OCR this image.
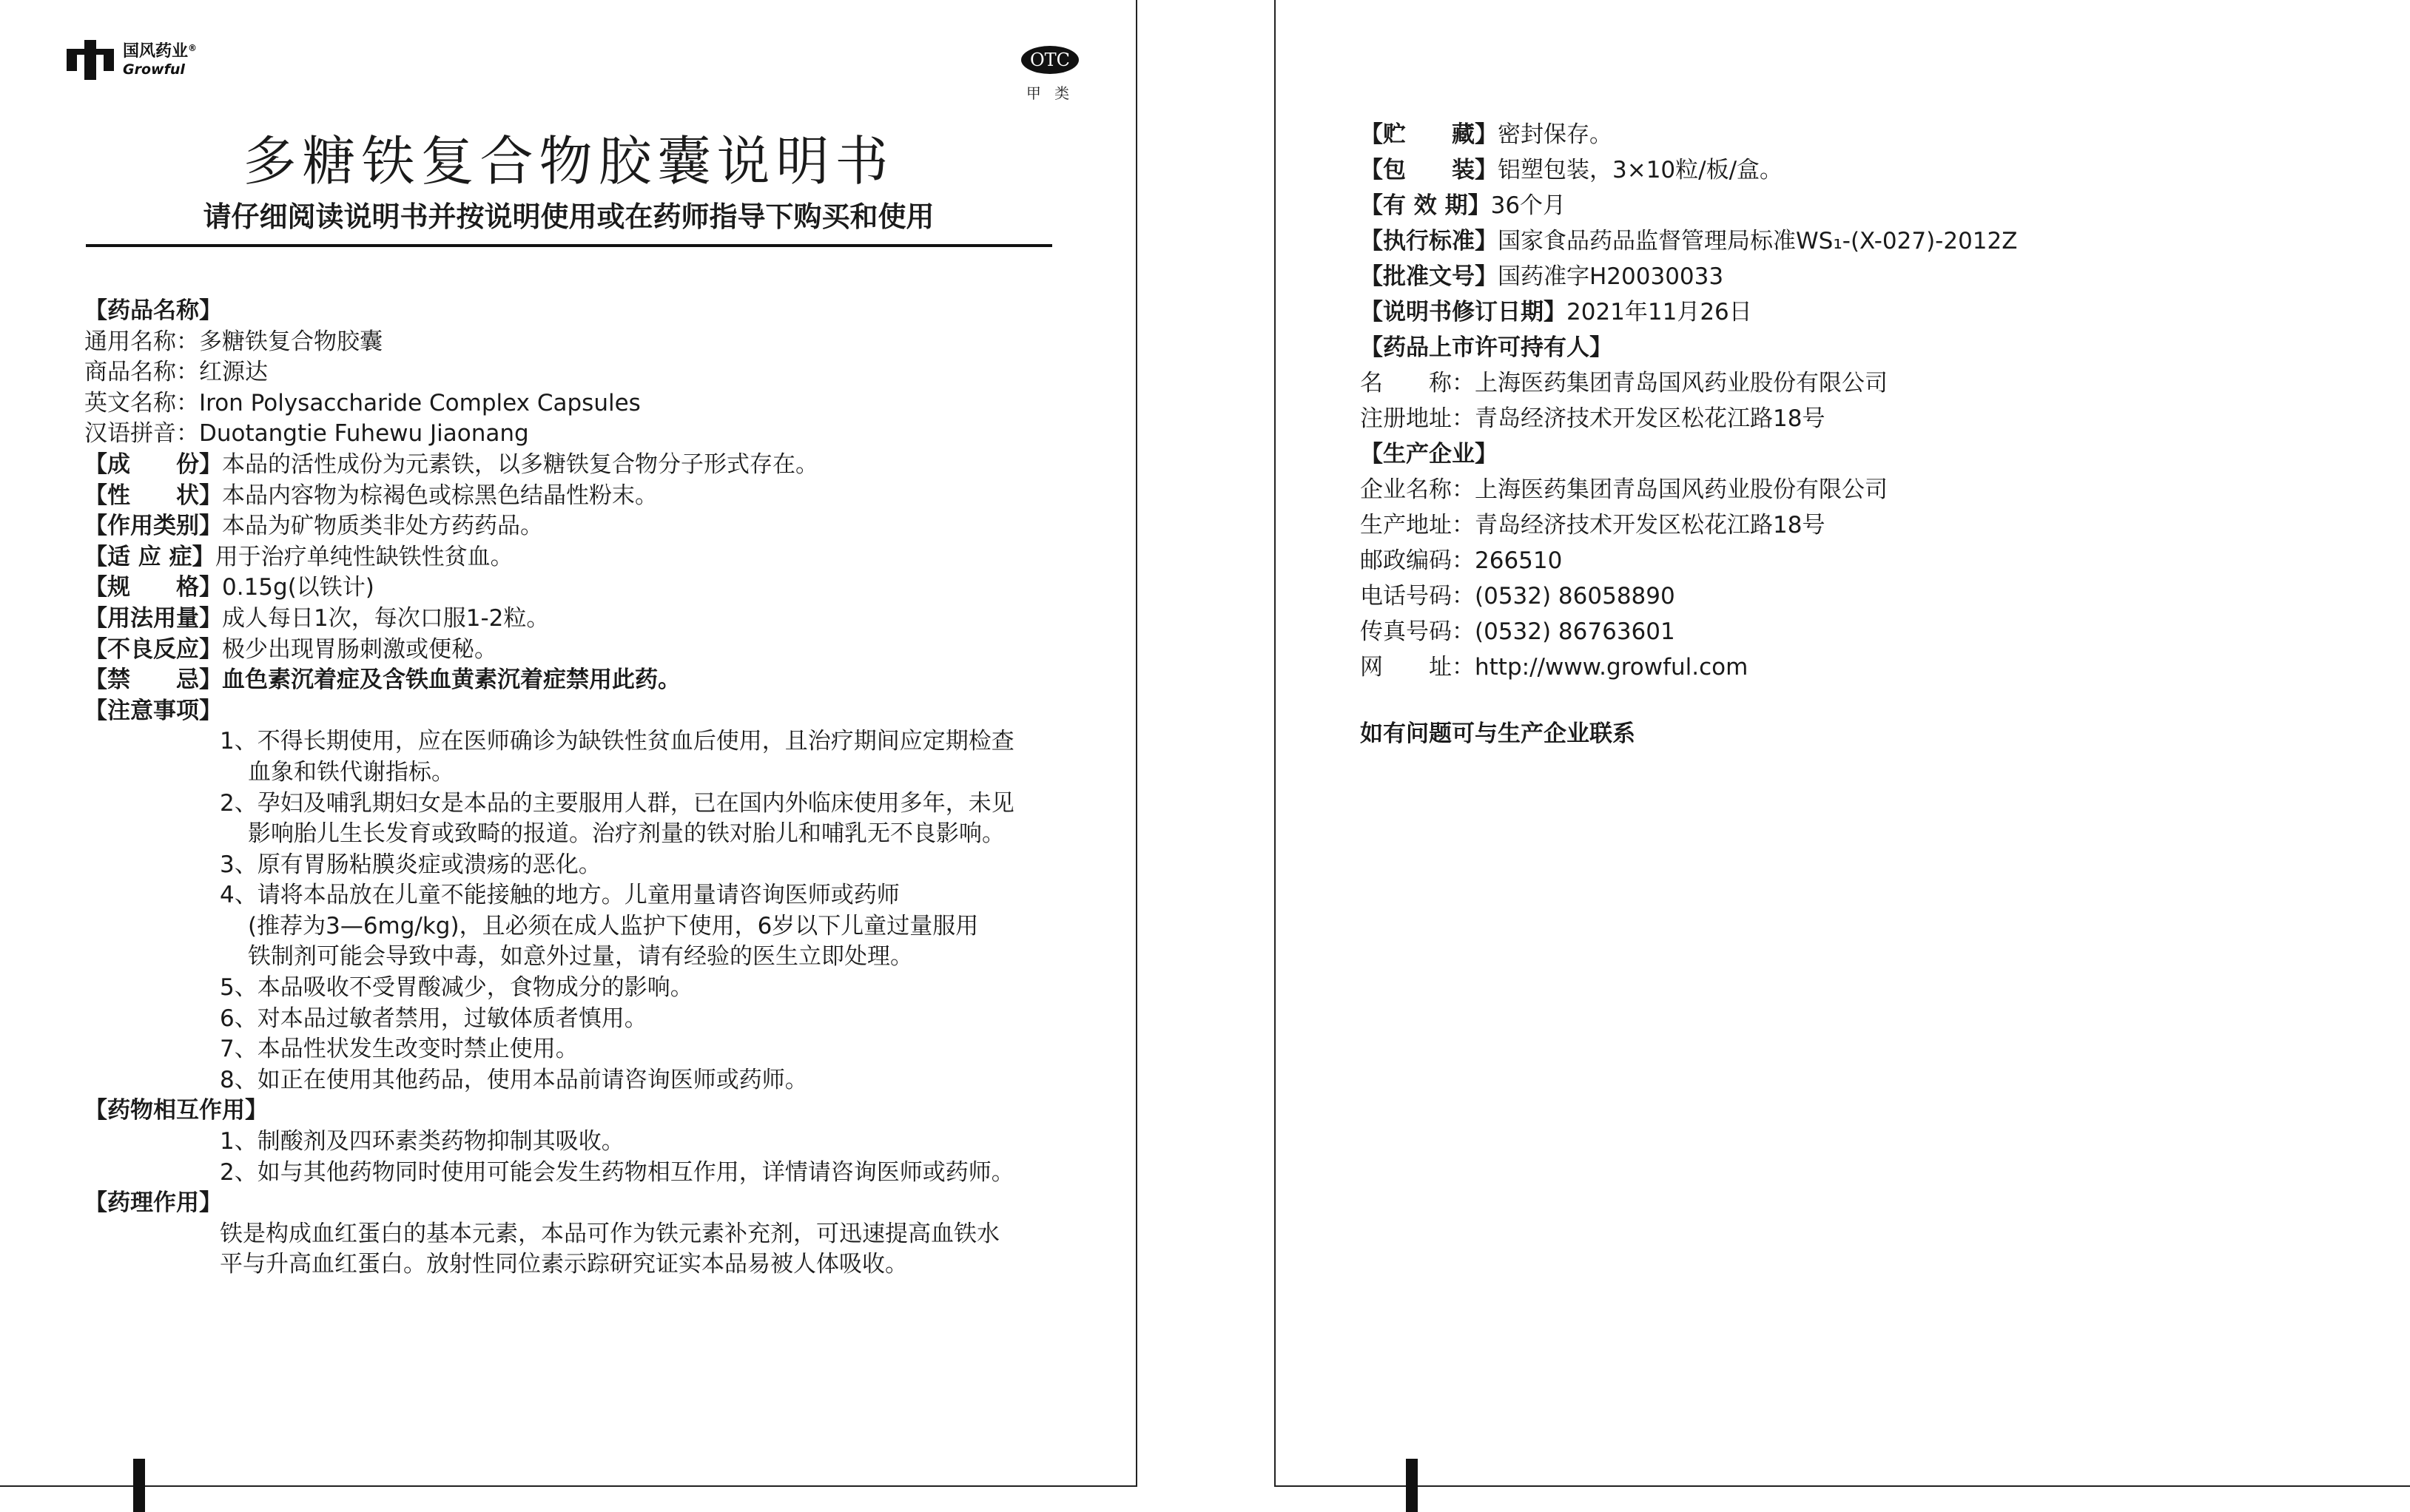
国风药业®
Growful	OTC
甲 类
多糖铁复合物胶囊说明书
请仔细阅读说明书并按说明使用或在药师指导下购买和使用
【药品名称】
通用名称：多糖铁复合物胶囊
商品名称：红源达
英文名称：Iron Polysaccharide Complex Capsules
汉语拼音：Duotangtie Fuhewu Jiaonang
【成　　份】本品的活性成份为元素铁，以多糖铁复合物分子形式存在。
【性　　状】本品内容物为棕褐色或棕黑色结晶性粉末。
【作用类别】本品为矿物质类非处方药药品。
【适 应 症】用于治疗单纯性缺铁性贫血。
【规　　格】0.15g(以铁计)
【用法用量】成人每日1次，每次口服1-2粒。
【不良反应】极少出现胃肠刺激或便秘。
【禁　　忌】血色素沉着症及含铁血黄素沉着症禁用此药。
【注意事项】
1、不得长期使用，应在医师确诊为缺铁性贫血后使用，且治疗期间应定期检查
血象和铁代谢指标。
2、孕妇及哺乳期妇女是本品的主要服用人群，已在国内外临床使用多年，未见
影响胎儿生长发育或致畸的报道。治疗剂量的铁对胎儿和哺乳无不良影响。
3、原有胃肠粘膜炎症或溃疡的恶化。
4、请将本品放在儿童不能接触的地方。儿童用量请咨询医师或药师
(推荐为3—6mg/kg)，且必须在成人监护下使用，6岁以下儿童过量服用
铁制剂可能会导致中毒，如意外过量，请有经验的医生立即处理。
5、本品吸收不受胃酸减少，食物成分的影响。
6、对本品过敏者禁用，过敏体质者慎用。
7、本品性状发生改变时禁止使用。
8、如正在使用其他药品，使用本品前请咨询医师或药师。
【药物相互作用】
1、制酸剂及四环素类药物抑制其吸收。
2、如与其他药物同时使用可能会发生药物相互作用，详情请咨询医师或药师。
【药理作用】
铁是构成血红蛋白的基本元素，本品可作为铁元素补充剂，可迅速提高血铁水
平与升高血红蛋白。放射性同位素示踪研究证实本品易被人体吸收。
【贮　　藏】密封保存。
【包　　装】铝塑包装，3×10粒/板/盒。
【有 效 期】36个月
【执行标准】国家食品药品监督管理局标准WS₁-(X-027)-2012Z
【批准文号】国药准字H20030033
【说明书修订日期】2021年11月26日
【药品上市许可持有人】
名　　称：上海医药集团青岛国风药业股份有限公司
注册地址：青岛经济技术开发区松花江路18号
【生产企业】
企业名称：上海医药集团青岛国风药业股份有限公司
生产地址：青岛经济技术开发区松花江路18号
邮政编码：266510
电话号码：(0532) 86058890
传真号码：(0532) 86763601
网　　址：http://www.growful.com
如有问题可与生产企业联系
